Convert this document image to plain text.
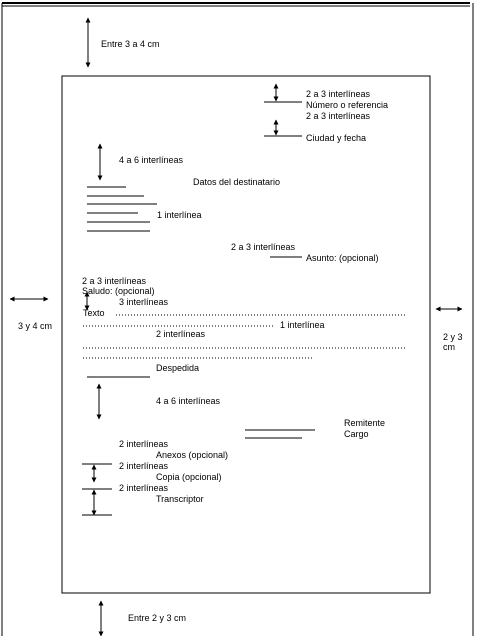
Entre 3 a 4 cm
3 y 4 cm
2 y 3 cm
Entre 2 y 3 cm
2 a 3 interlíneas
Número o referencia
2 a 3 interlíneas
Ciudad y fecha
4 a 6 interlíneas
Datos del destinatario
1 interlínea
2 a 3 interlíneas
Asunto: (opcional)
2 a 3 interlíneas
Saludo: (opcional)
3 interlíneas
Texto
1 interlínea
2 interlíneas
Despedida
4 a 6 interlíneas
Remitente
Cargo
2 interlíneas
Anexos (opcional)
2 interlíneas
Copia (opcional)
2 interlíneas
Transcriptor
